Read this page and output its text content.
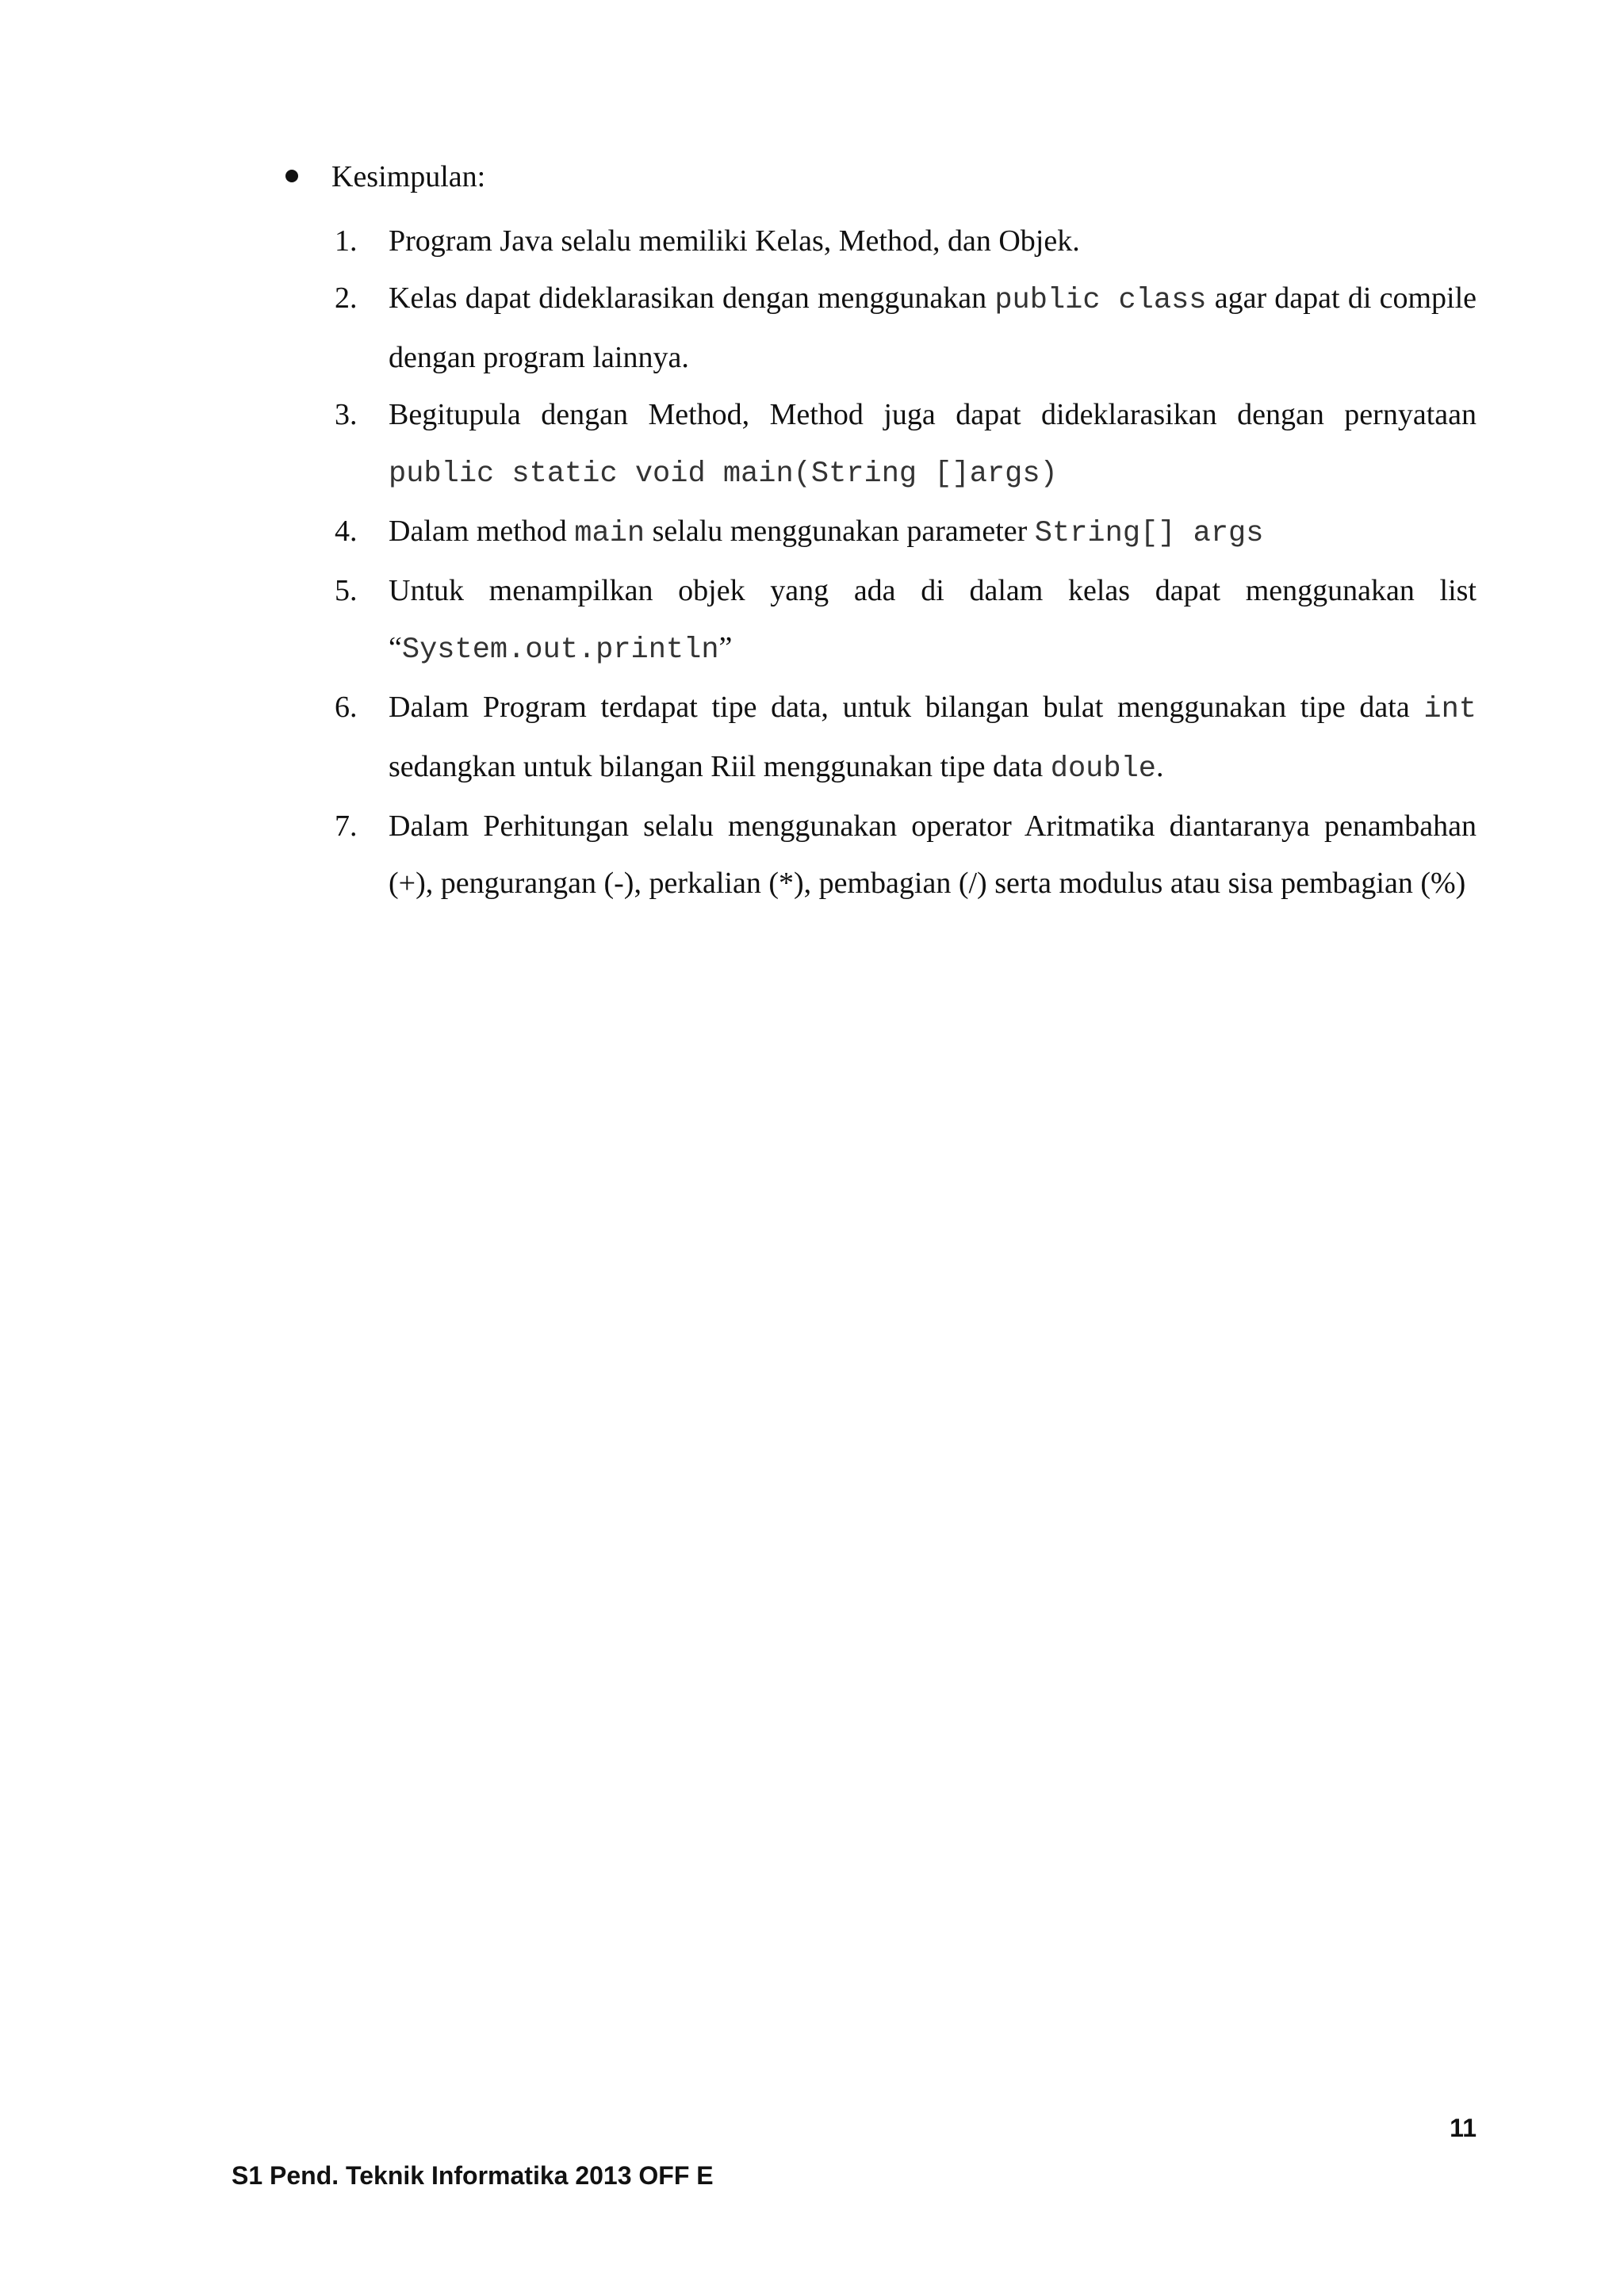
Kesimpulan:
1. Program Java selalu memiliki Kelas, Method, dan Objek.
2. Kelas dapat dideklarasikan dengan menggunakan public class agar dapat di compile dengan program lainnya.
3. Begitupula dengan Method, Method juga dapat dideklarasikan dengan pernyataan public static void main(String []args)
4. Dalam method main selalu menggunakan parameter String[] args
5. Untuk menampilkan objek yang ada di dalam kelas dapat menggunakan list “System.out.println”
6. Dalam Program terdapat tipe data, untuk bilangan bulat menggunakan tipe data int sedangkan untuk bilangan Riil menggunakan tipe data double.
7. Dalam Perhitungan selalu menggunakan operator Aritmatika diantaranya penambahan (+), pengurangan (-), perkalian (*), pembagian (/) serta modulus atau sisa pembagian (%)
11
S1 Pend. Teknik Informatika 2013 OFF E
